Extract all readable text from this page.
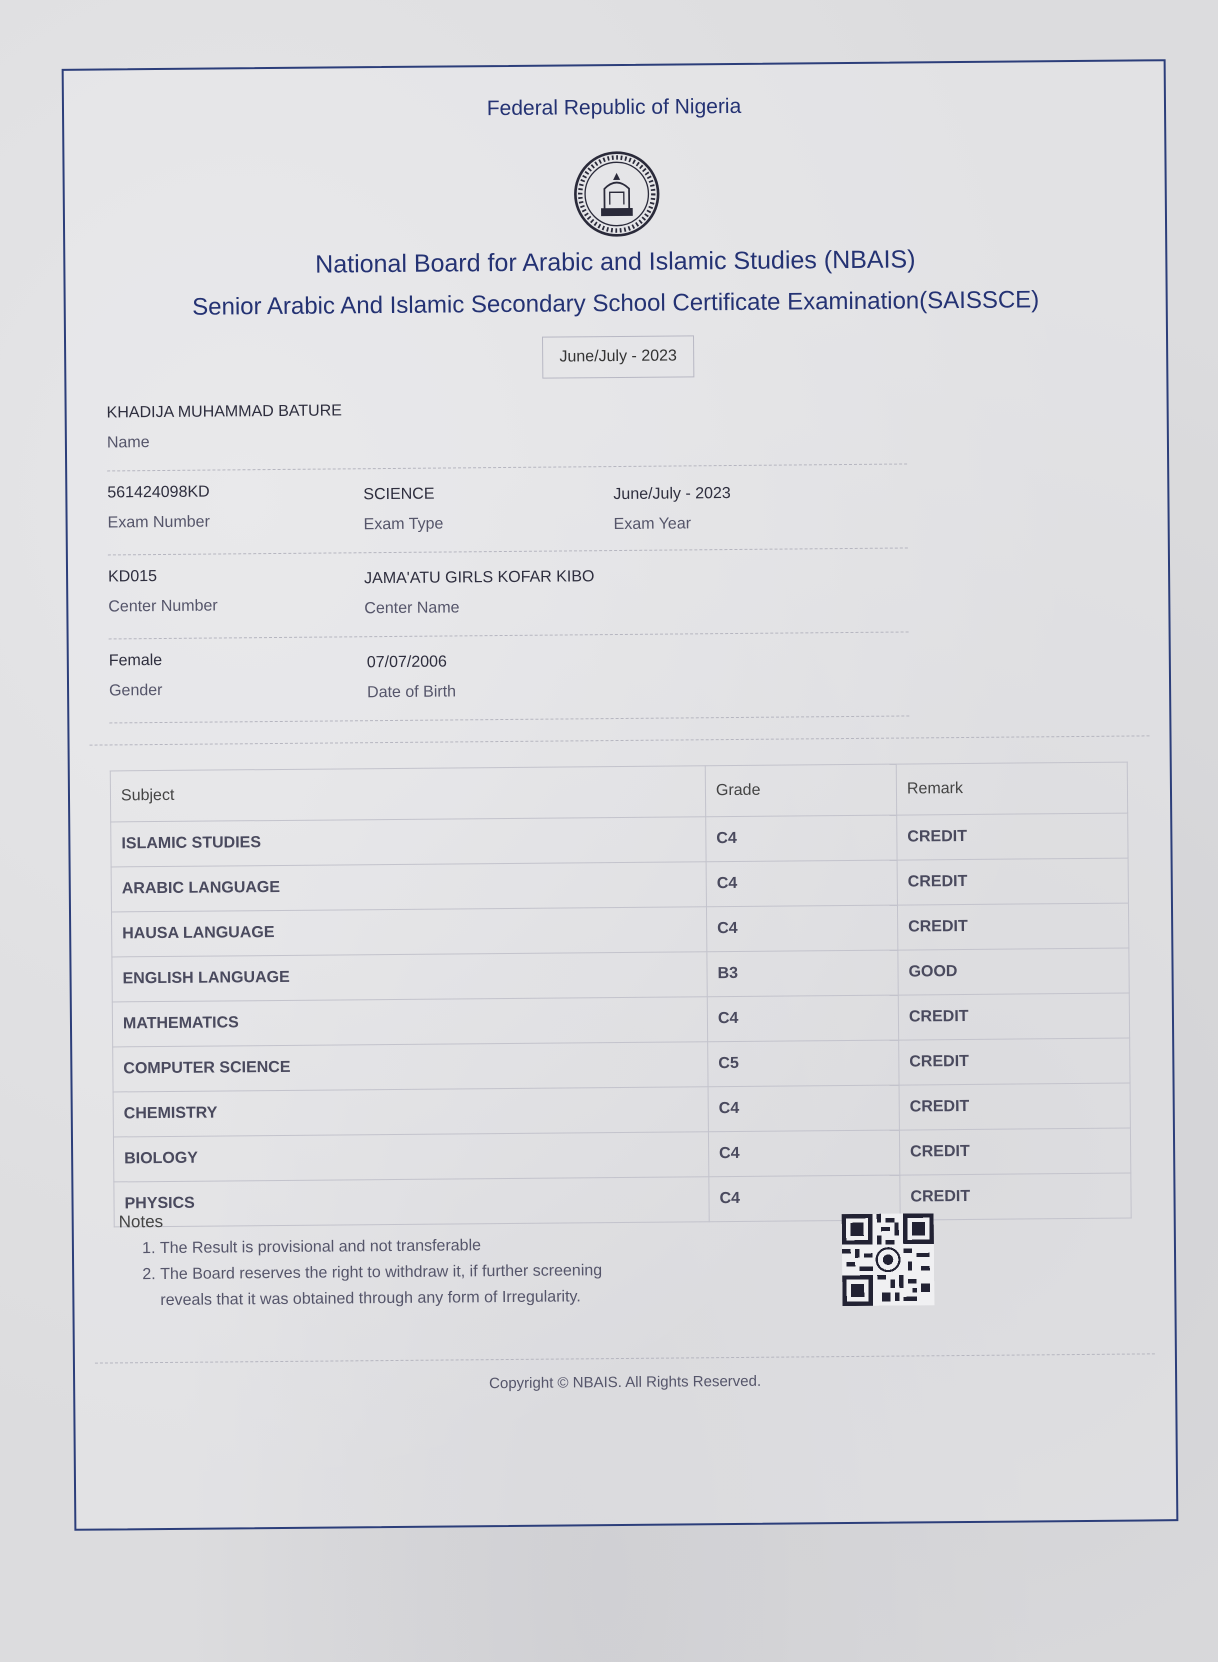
Federal Republic of Nigeria
National Board for Arabic and Islamic Studies (NBAIS)
Senior Arabic And Islamic Secondary School Certificate Examination(SAISSCE)
June/July - 2023
KHADIJA MUHAMMAD BATURE
Name
561424098KD
Exam Number
SCIENCE
Exam Type
June/July - 2023
Exam Year
KD015
Center Number
JAMA'ATU GIRLS KOFAR KIBO
Center Name
Female
Gender
07/07/2006
Date of Birth
Subject	Grade	Remark
ISLAMIC STUDIES	C4	CREDIT
ARABIC LANGUAGE	C4	CREDIT
HAUSA LANGUAGE	C4	CREDIT
ENGLISH LANGUAGE	B3	GOOD
MATHEMATICS	C4	CREDIT
COMPUTER SCIENCE	C5	CREDIT
CHEMISTRY	C4	CREDIT
BIOLOGY	C4	CREDIT
PHYSICS	C4	CREDIT
Notes
1. The Result is provisional and not transferable
2. The Board reserves the right to withdraw it, if further screening reveals that it was obtained through any form of Irregularity.
Copyright © NBAIS. All Rights Reserved.
